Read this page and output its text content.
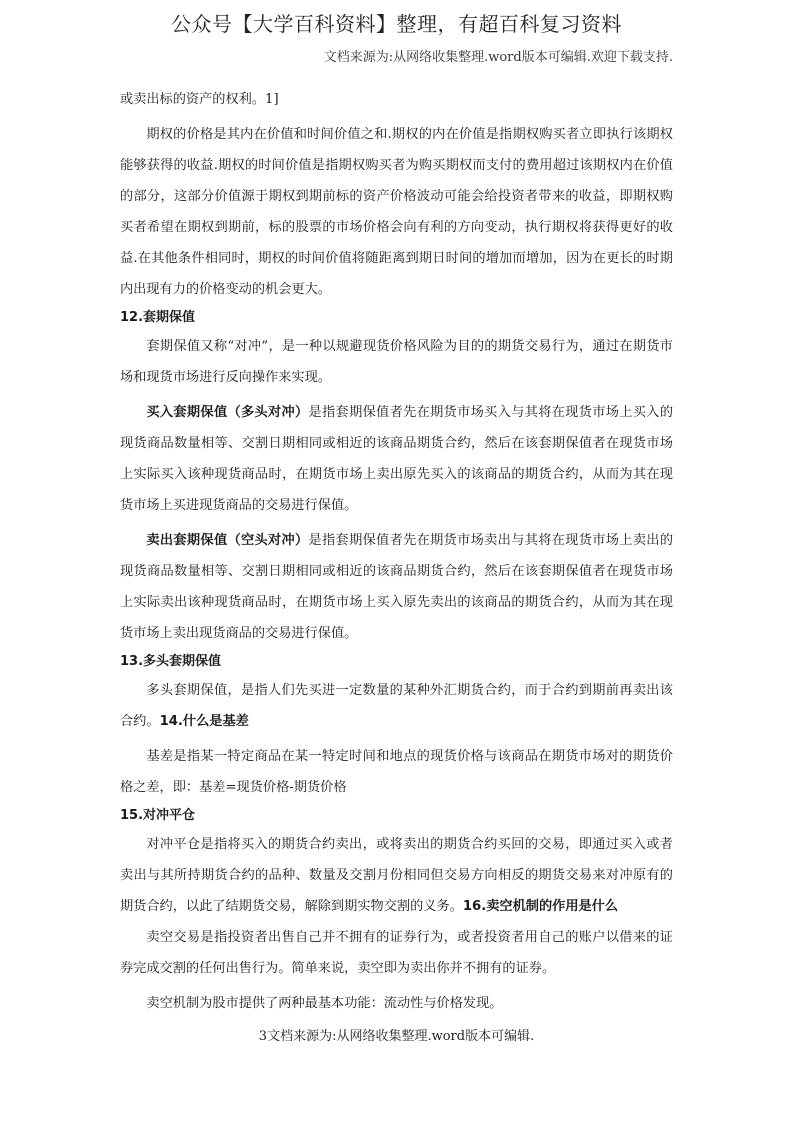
公众号【大学百科资料】整理，有超百科复习资料
文档来源为:从网络收集整理.word版本可编辑.欢迎下载支持.

或卖出标的资产的权利。1]

期权的价格是其内在价值和时间价值之和.期权的内在价值是指期权购买者立即执行该期权能够获得的收益.期权的时间价值是指期权购买者为购买期权而支付的费用超过该期权内在价值的部分，这部分价值源于期权到期前标的资产价格波动可能会给投资者带来的收益，即期权购买者希望在期权到期前，标的股票的市场价格会向有利的方向变动，执行期权将获得更好的收益.在其他条件相同时，期权的时间价值将随距离到期日时间的增加而增加，因为在更长的时期内出现有力的价格变动的机会更大。

12.套期保值

套期保值又称“对冲”，是一种以规避现货价格风险为目的的期货交易行为，通过在期货市场和现货市场进行反向操作来实现。

买入套期保值（多头对冲）是指套期保值者先在期货市场买入与其将在现货市场上买入的现货商品数量相等、交割日期相同或相近的该商品期货合约，然后在该套期保值者在现货市场上实际买入该种现货商品时，在期货市场上卖出原先买入的该商品的期货合约，从而为其在现货市场上买进现货商品的交易进行保值。

卖出套期保值（空头对冲）是指套期保值者先在期货市场卖出与其将在现货市场上卖出的现货商品数量相等、交割日期相同或相近的该商品期货合约，然后在该套期保值者在现货市场上实际卖出该种现货商品时，在期货市场上买入原先卖出的该商品的期货合约，从而为其在现货市场上卖出现货商品的交易进行保值。

13.多头套期保值

多头套期保值，是指人们先买进一定数量的某种外汇期货合约，而于合约到期前再卖出该合约。14.什么是基差

基差是指某一特定商品在某一特定时间和地点的现货价格与该商品在期货市场对的期货价格之差，即：基差=现货价格-期货价格

15.对冲平仓

对冲平仓是指将买入的期货合约卖出，或将卖出的期货合约买回的交易，即通过买入或者卖出与其所持期货合约的品种、数量及交割月份相同但交易方向相反的期货交易来对冲原有的期货合约，以此了结期货交易，解除到期实物交割的义务。16.卖空机制的作用是什么

卖空交易是指投资者出售自己并不拥有的证券行为，或者投资者用自己的账户以借来的证券完成交割的任何出售行为。简单来说，卖空即为卖出你并不拥有的证券。

卖空机制为股市提供了两种最基本功能：流动性与价格发现。

3文档来源为:从网络收集整理.word版本可编辑.
